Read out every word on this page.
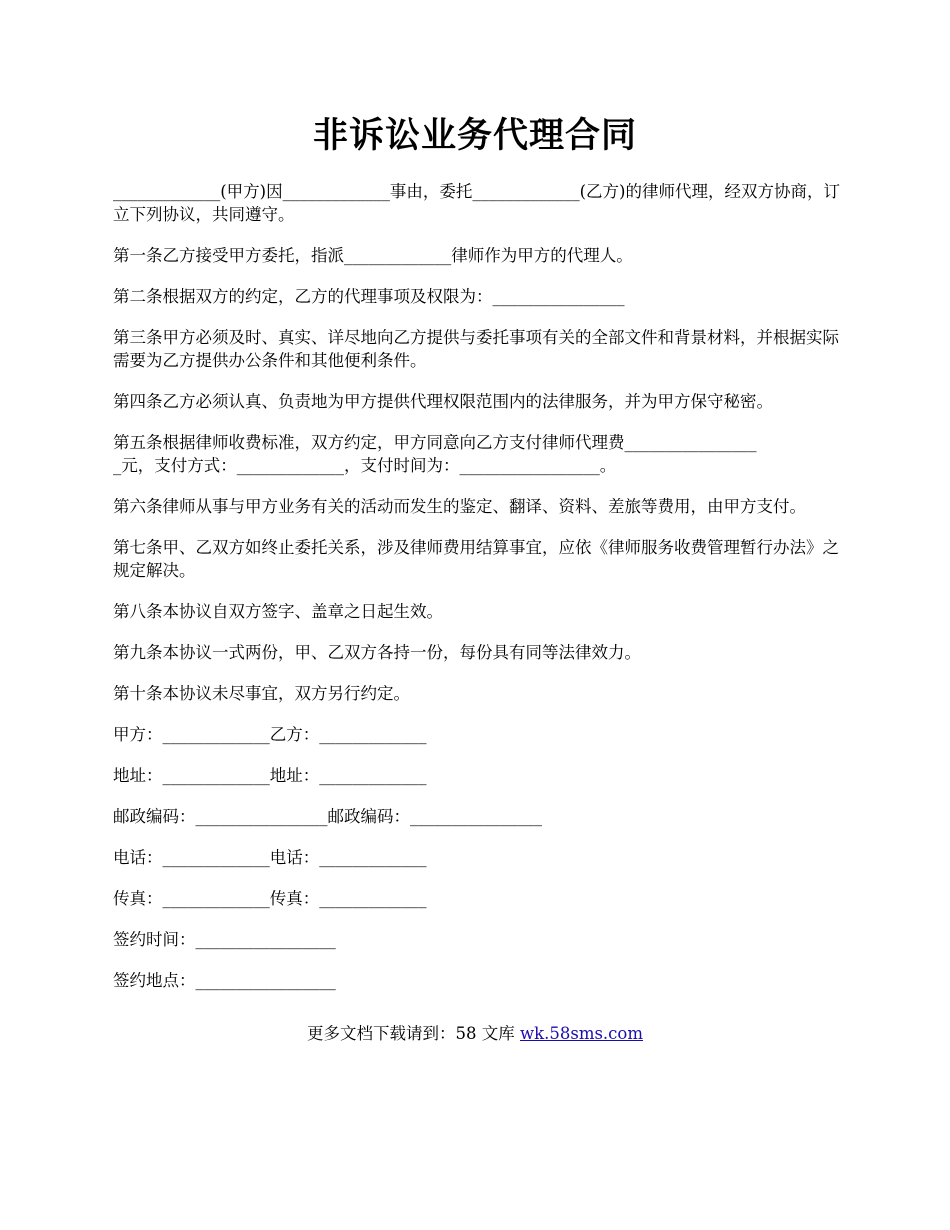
非诉讼业务代理合同

_____________(甲方)因_____________事由，委托_____________(乙方)的律师代理，经双方协商，订立下列协议，共同遵守。

第一条乙方接受甲方委托，指派_____________律师作为甲方的代理人。

第二条根据双方的约定，乙方的代理事项及权限为：________________

第三条甲方必须及时、真实、详尽地向乙方提供与委托事项有关的全部文件和背景材料，并根据实际需要为乙方提供办公条件和其他便利条件。

第四条乙方必须认真、负责地为甲方提供代理权限范围内的法律服务，并为甲方保守秘密。

第五条根据律师收费标准，双方约定，甲方同意向乙方支付律师代理费________________
_元，支付方式：_____________，支付时间为：_________________。

第六条律师从事与甲方业务有关的活动而发生的鉴定、翻译、资料、差旅等费用，由甲方支付。

第七条甲、乙双方如终止委托关系，涉及律师费用结算事宜，应依《律师服务收费管理暂行办法》之规定解决。

第八条本协议自双方签字、盖章之日起生效。

第九条本协议一式两份，甲、乙双方各持一份，每份具有同等法律效力。

第十条本协议未尽事宜，双方另行约定。

甲方：_____________乙方：_____________

地址：_____________地址：_____________

邮政编码：________________邮政编码：________________

电话：_____________电话：_____________

传真：_____________传真：_____________

签约时间：_________________

签约地点：_________________

更多文档下载请到：58 文库 wk.58sms.com
